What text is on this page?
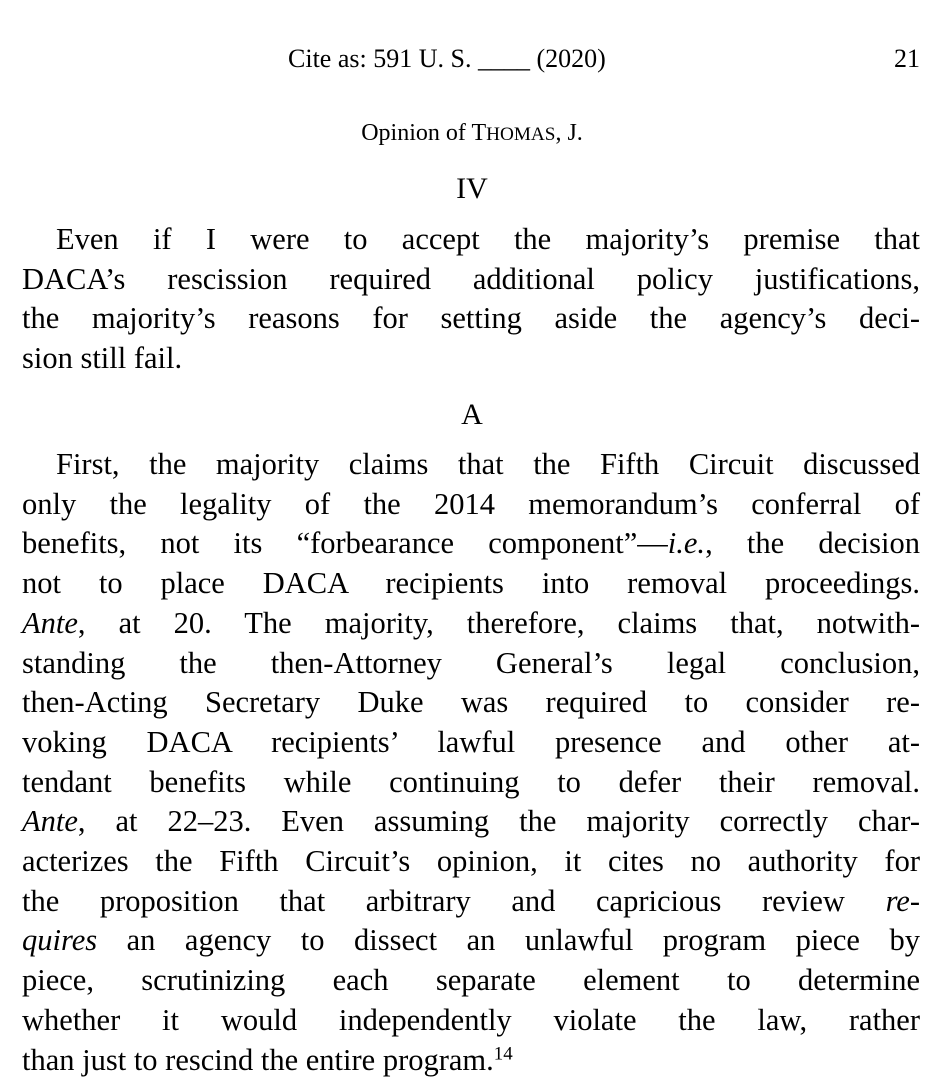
Cite as: 591 U. S. ____ (2020)	21
Opinion of THOMAS, J.
IV
Even if I were to accept the majority’s premise that
DACA’s rescission required additional policy justifications,
the majority’s reasons for setting aside the agency’s deci-
sion still fail.
A
First, the majority claims that the Fifth Circuit discussed
only the legality of the 2014 memorandum’s conferral of
benefits, not its “forbearance component”—i.e., the decision
not to place DACA recipients into removal proceedings.
Ante, at 20. The majority, therefore, claims that, notwith-
standing the then-Attorney General’s legal conclusion,
then-Acting Secretary Duke was required to consider re-
voking DACA recipients’ lawful presence and other at-
tendant benefits while continuing to defer their removal.
Ante, at 22–23. Even assuming the majority correctly char-
acterizes the Fifth Circuit’s opinion, it cites no authority for
the proposition that arbitrary and capricious review re-
quires an agency to dissect an unlawful program piece by
piece, scrutinizing each separate element to determine
whether it would independently violate the law, rather
than just to rescind the entire program.$^{14}$
